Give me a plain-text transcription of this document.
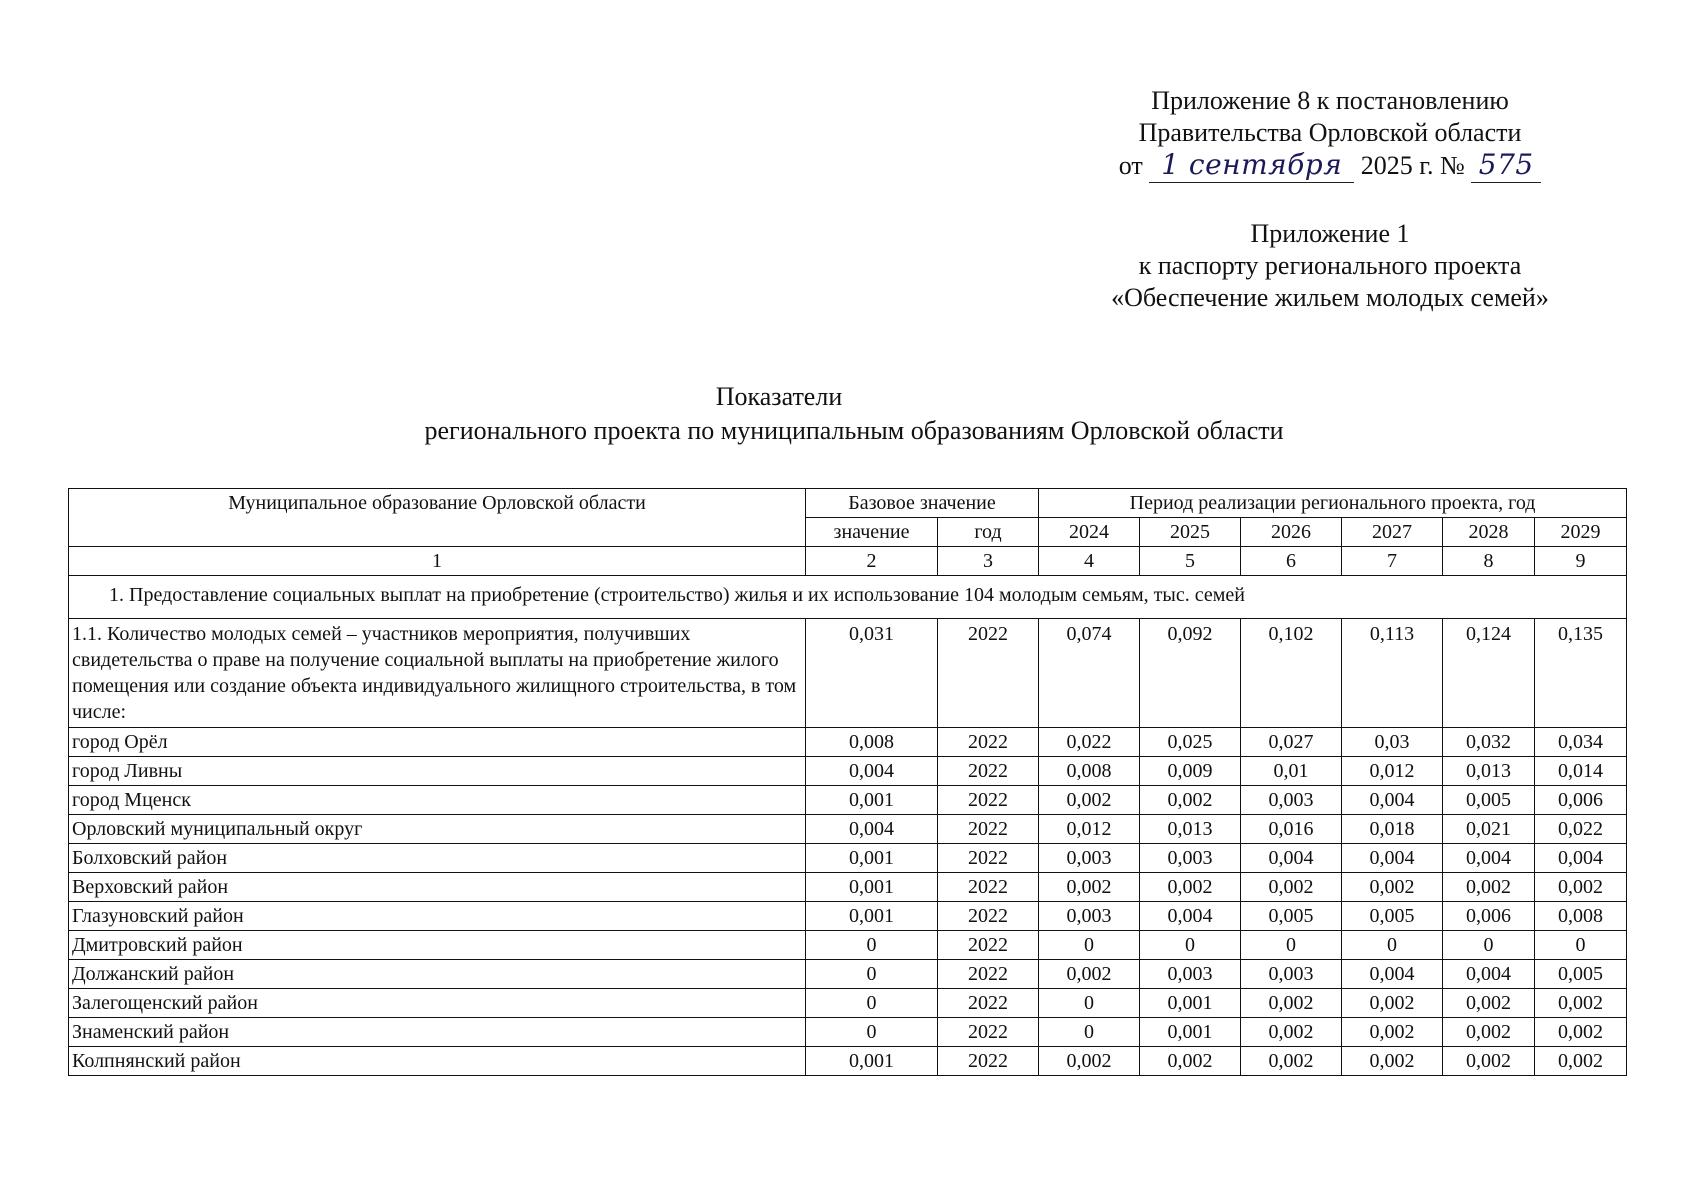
Приложение 8 к постановлению
Правительства Орловской области
от 1 сентября 2025 г. № 575
Приложение 1
к паспорту регионального проекта
«Обеспечение жильем молодых семей»
Показатели
регионального проекта по муниципальным образованиям Орловской области
Муниципальное образование Орловской области	Базовое значение		Период реализации регионального проекта, год					
	значение	год	2024	2025	2026	2027	2028	2029
1	2	3	4	5	6	7	8	9
1. Предоставление социальных выплат на приобретение (строительство) жилья и их использование 104 молодым семьям, тыс. семей								
1.1. Количество молодых семей – участников мероприятия, получивших свидетельства о праве на получение социальной выплаты на приобретение жилого помещения или создание объекта индивидуального жилищного строительства, в том числе:	0,031	2022	0,074	0,092	0,102	0,113	0,124	0,135
город Орёл	0,008	2022	0,022	0,025	0,027	0,03	0,032	0,034
город Ливны	0,004	2022	0,008	0,009	0,01	0,012	0,013	0,014
город Мценск	0,001	2022	0,002	0,002	0,003	0,004	0,005	0,006
Орловский муниципальный округ	0,004	2022	0,012	0,013	0,016	0,018	0,021	0,022
Болховский район	0,001	2022	0,003	0,003	0,004	0,004	0,004	0,004
Верховский район	0,001	2022	0,002	0,002	0,002	0,002	0,002	0,002
Глазуновский район	0,001	2022	0,003	0,004	0,005	0,005	0,006	0,008
Дмитровский район	0	2022	0	0	0	0	0	0
Должанский район	0	2022	0,002	0,003	0,003	0,004	0,004	0,005
Залегощенский район	0	2022	0	0,001	0,002	0,002	0,002	0,002
Знаменский район	0	2022	0	0,001	0,002	0,002	0,002	0,002
Колпнянский район	0,001	2022	0,002	0,002	0,002	0,002	0,002	0,002
